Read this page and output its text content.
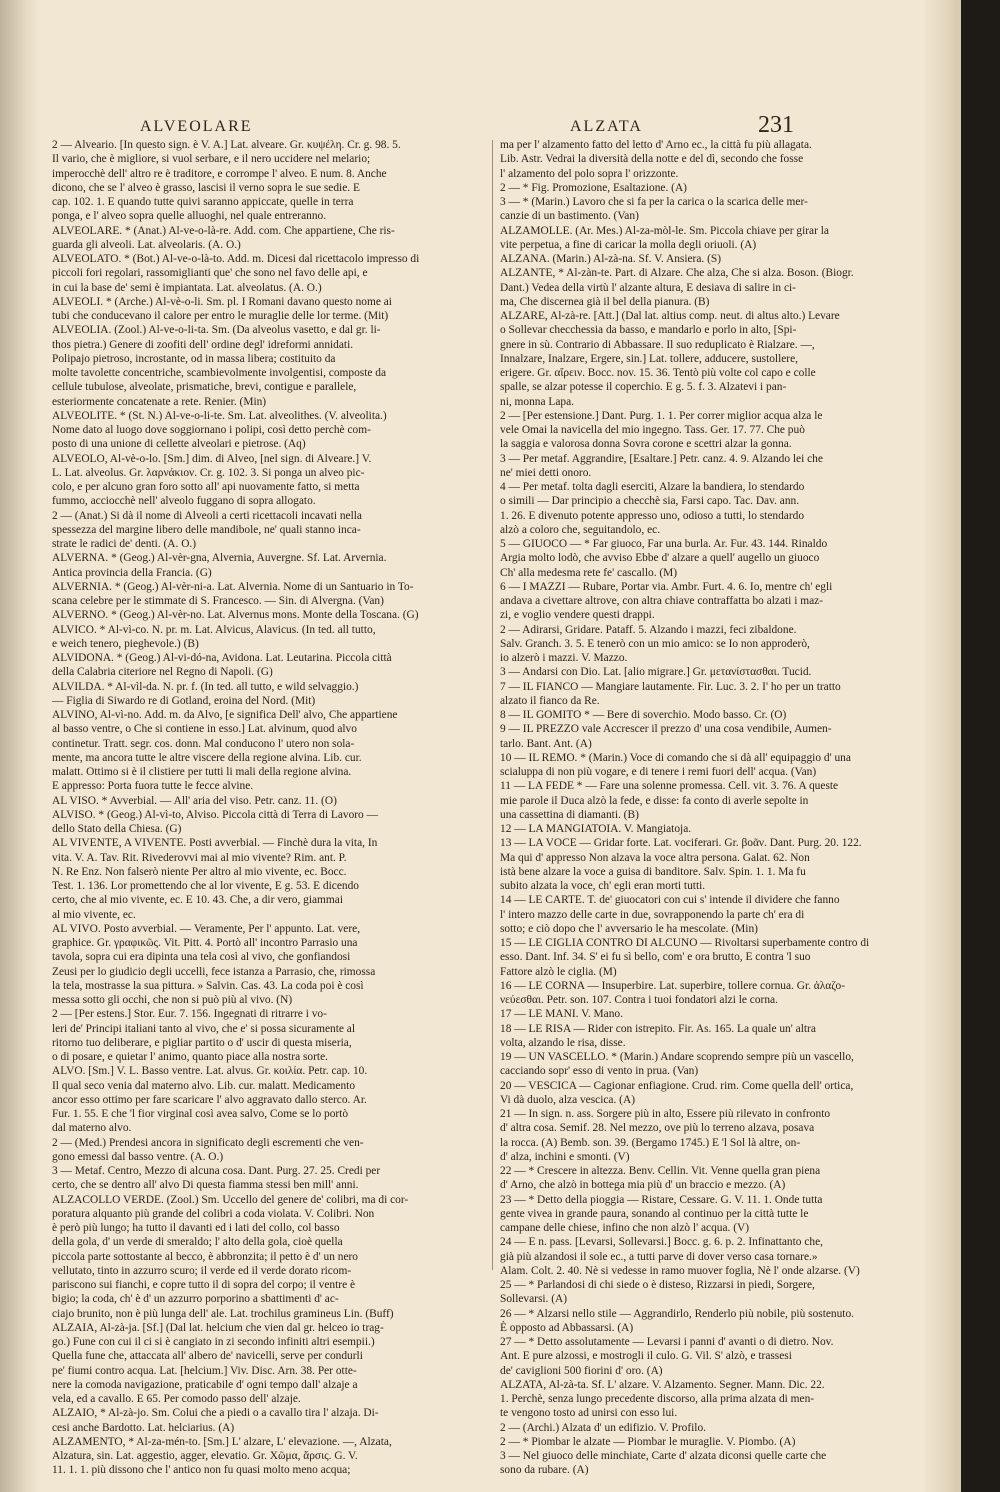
ALVEOLARE	ALZATA	231

2 — Alveario. [In questo sign. è V. A.] Lat. alveare. Gr. κυψέλη. Cr. g. 98. 5.

Il vario, che è migliore, si vuol serbare, e il nero uccidere nel melario;

imperocchè dell' altro re è traditore, e corrompe l' alveo. E num. 8. Anche

dicono, che se l' alveo è grasso, lascisi il verno sopra le sue sedie. E

cap. 102. 1. E quando tutte quivi saranno appiccate, quelle in terra

ponga, e l' alveo sopra quelle alluoghi, nel quale entreranno.

ALVEOLARE. * (Anat.) Al-ve-o-là-re. Add. com. Che appartiene, Che ris-

guarda gli alveoli. Lat. alveolaris. (A. O.)

ALVEOLATO. * (Bot.) Al-ve-o-là-to. Add. m. Dicesi dal ricettacolo impresso di

piccoli fori regolari, rassomiglianti que' che sono nel favo delle api, e

in cui la base de' semi è impiantata. Lat. alveolatus. (A. O.)

ALVEOLI. * (Arche.) Al-vè-o-li. Sm. pl. I Romani davano questo nome ai

tubi che conducevano il calore per entro le muraglie delle lor terme. (Mit)

ALVEOLIA. (Zool.) Al-ve-o-li-ta. Sm. (Da alveolus vasetto, e dal gr. li-

thos pietra.) Genere di zoofiti dell' ordine degl' idreformi annidati.

Polipajo pietroso, incrostante, od in massa libera; costituito da

molte tavolette concentriche, scambievolmente involgentisi, composte da

cellule tubulose, alveolate, prismatiche, brevi, contigue e parallele,

esteriormente concatenate a rete. Renier. (Min)

ALVEOLITE. * (St. N.) Al-ve-o-li-te. Sm. Lat. alveolithes. (V. alveolita.)

Nome dato al luogo dove soggiornano i polipi, così detto perchè com-

posto di una unione di cellette alveolari e pietrose. (Aq)

ALVEOLO, Al-vè-o-lo. [Sm.] dim. di Alveo, [nel sign. di Alveare.] V.

L. Lat. alveolus. Gr. λαρνάκιον. Cr. g. 102. 3. Si ponga un alveo pic-

colo, e per alcuno gran foro sotto all' api nuovamente fatto, si metta

fummo, acciocchè nell' alveolo fuggano di sopra allogato.

2 — (Anat.) Si dà il nome di Alveoli a certi ricettacoli incavati nella

spessezza del margine libero delle mandibole, ne' quali stanno inca-

strate le radici de' denti. (A. O.)

ALVERNA. * (Geog.) Al-vèr-gna, Alvernia, Auvergne. Sf. Lat. Arvernia.

Antica provincia della Francia. (G)

ALVERNIA. * (Geog.) Al-vèr-ni-a. Lat. Alvernia. Nome di un Santuario in To-

scana celebre per le stimmate di S. Francesco. — Sin. di Alvergna. (Van)

ALVERNO. * (Geog.) Al-vèr-no. Lat. Alvernus mons. Monte della Toscana. (G)

ALVICO. * Al-vì-co. N. pr. m. Lat. Alvicus, Alavicus. (In ted. all tutto,

e weich tenero, pieghevole.) (B)

ALVIDONA. * (Geog.) Al-vi-dó-na, Avidona. Lat. Leutarina. Piccola città

della Calabria citeriore nel Regno di Napoli. (G)

ALVILDA. * Al-vìl-da. N. pr. f. (In ted. all tutto, e wild selvaggio.)

— Figlia di Siwardo re di Gotland, eroina del Nord. (Mit)

ALVINO, Al-vì-no. Add. m. da Alvo, [e significa Dell' alvo, Che appartiene

al basso ventre, o Che si contiene in esso.] Lat. alvinum, quod alvo

continetur. Tratt. segr. cos. donn. Mal conducono l' utero non sola-

mente, ma ancora tutte le altre viscere della regione alvina. Lib. cur.

malatt. Ottimo si è il clistiere per tutti li mali della regione alvina.

E appresso: Porta fuora tutte le fecce alvine.

AL VISO. * Avverbial. — All' aria del viso. Petr. canz. 11. (O)

ALVISO. * (Geog.) Al-vì-to, Alviso. Piccola città di Terra di Lavoro —

dello Stato della Chiesa. (G)

AL VIVENTE, A VIVENTE. Posti avverbial. — Finchè dura la vita, In

vita. V. A. Tav. Rit. Rivederovvi mai al mio vivente? Rim. ant. P.

N. Re Enz. Non falserò niente Per altro al mio vivente, ec. Bocc.

Test. 1. 136. Lor promettendo che al lor vivente, E g. 53. E dicendo

certo, che al mio vivente, ec. E 10. 43. Che, a dir vero, giammai

al mio vivente, ec.

AL VIVO. Posto avverbial. — Veramente, Per l' appunto. Lat. vere,

graphice. Gr. γραφικῶς. Vit. Pitt. 4. Portò all' incontro Parrasio una

tavola, sopra cui era dipinta una tela così al vivo, che gonfiandosi

Zeusi per lo giudicio degli uccelli, fece istanza a Parrasio, che, rimossa

la tela, mostrasse la sua pittura. » Salvin. Cas. 43. La coda poi è così

messa sotto gli occhi, che non si può più al vivo. (N)

2 — [Per estens.] Stor. Eur. 7. 156. Ingegnati di ritrarre i vo-

leri de' Principi italiani tanto al vivo, che e' si possa sicuramente al

ritorno tuo deliberare, e pigliar partito o d' uscir di questa miseria,

o di posare, e quietar l' animo, quanto piace alla nostra sorte.

ALVO. [Sm.] V. L. Basso ventre. Lat. alvus. Gr. κοιλία. Petr. cap. 10.

Il qual seco venia dal materno alvo. Lib. cur. malatt. Medicamento

ancor esso ottimo per fare scaricare l' alvo aggravato dallo sterco. Ar.

Fur. 1. 55. E che 'l fior virginal così avea salvo, Come se lo portò

dal materno alvo.

2 — (Med.) Prendesi ancora in significato degli escrementi che ven-

gono emessi dal basso ventre. (A. O.)

3 — Metaf. Centro, Mezzo di alcuna cosa. Dant. Purg. 27. 25. Credi per

certo, che se dentro all' alvo Di questa fiamma stessi ben mill' anni.

ALZACOLLO VERDE. (Zool.) Sm. Uccello del genere de' colibri, ma di cor-

poratura alquanto più grande del colibri a coda violata. V. Colibri. Non

è però più lungo; ha tutto il davanti ed i lati del collo, col basso

della gola, d' un verde di smeraldo; l' alto della gola, cioè quella

piccola parte sottostante al becco, è abbronzita; il petto è d' un nero

vellutato, tinto in azzurro scuro; il verde ed il verde dorato ricom-

pariscono sui fianchi, e copre tutto il di sopra del corpo; il ventre è

bigio; la coda, ch' è d' un azzurro porporino a sbattimenti d' ac-

ciajo brunito, non è più lunga dell' ale. Lat. trochilus gramineus Lin. (Buff)

ALZAIA, Al-zà-ja. [Sf.] (Dal lat. helcium che vien dal gr. helceo io trag-

go.) Fune con cui il ci si è cangiato in zi secondo infiniti altri esempii.)

Quella fune che, attaccata all' albero de' navicelli, serve per condurli

pe' fiumi contro acqua. Lat. [helcium.] Viv. Disc. Arn. 38. Per otte-

nere la comoda navigazione, praticabile d' ogni tempo dall' alzaje a

vela, ed a cavallo. E 65. Per comodo passo dell' alzaje.

ALZAIO, * Al-zà-jo. Sm. Colui che a piedi o a cavallo tira l' alzaja. Di-

cesi anche Bardotto. Lat. helciarius. (A)

ALZAMENTO, * Al-za-mén-to. [Sm.] L' alzare, L' elevazione. —, Alzata,

Alzatura, sin. Lat. aggestio, agger, elevatio. Gr. Χῶμα, ἄρσις. G. V.

11. 1. 1. più dissono che l' antico non fu quasi molto meno acqua;

ma per l' alzamento fatto del letto d' Arno ec., la città fu più allagata.

Lib. Astr. Vedrai la diversità della notte e del dì, secondo che fosse

l' alzamento del polo sopra l' orizzonte.

2 — * Fig. Promozione, Esaltazione. (A)

3 — * (Marin.) Lavoro che si fa per la carica o la scarica delle mer-

canzie di un bastimento. (Van)

ALZAMOLLE. (Ar. Mes.) Al-za-mòl-le. Sm. Piccola chiave per girar la

vite perpetua, a fine di caricar la molla degli oriuoli. (A)

ALZANA. (Marin.) Al-zà-na. Sf. V. Ansiera. (S)

ALZANTE, * Al-zàn-te. Part. di Alzare. Che alza, Che si alza. Boson. (Biogr.

Dant.) Vedea della virtù l' alzante altura, E desiava di salire in ci-

ma, Che discernea già il bel della pianura. (B)

ALZARE, Al-zà-re. [Att.] (Dal lat. altius comp. neut. di altus alto.) Levare

o Sollevar checchessia da basso, e mandarlo e porlo in alto, [Spi-

gnere in sù. Contrario di Abbassare. Il suo reduplicato è Rialzare. —,

Innalzare, Inalzare, Ergere, sin.] Lat. tollere, adducere, sustollere,

erigere. Gr. αἴρειν. Bocc. nov. 15. 36. Tentò più volte col capo e colle

spalle, se alzar potesse il coperchio. E g. 5. f. 3. Alzatevi i pan-

ni, monna Lapa.

2 — [Per estensione.] Dant. Purg. 1. 1. Per correr miglior acqua alza le

vele Omai la navicella del mio ingegno. Tass. Ger. 17. 77. Che può

la saggia e valorosa donna Sovra corone e scettri alzar la gonna.

3 — Per metaf. Aggrandire, [Esaltare.] Petr. canz. 4. 9. Alzando lei che

ne' miei detti onoro.

4 — Per metaf. tolta dagli eserciti, Alzare la bandiera, lo stendardo

o simili — Dar principio a checchè sia, Farsi capo. Tac. Dav. ann.

1. 26. E divenuto potente appresso uno, odioso a tutti, lo stendardo

alzò a coloro che, seguitandolo, ec.

5 — GIUOCO — * Far giuoco, Far una burla. Ar. Fur. 43. 144. Rinaldo

Argia molto lodò, che avviso Ebbe d' alzare a quell' augello un giuoco

Ch' alla medesma rete fe' cascallo. (M)

6 — I MAZZI — Rubare, Portar via. Ambr. Furt. 4. 6. Io, mentre ch' egli

andava a civettare altrove, con altra chiave contraffatta bo alzati i maz-

zi, e voglio vendere questi drappi.

2 — Adirarsi, Gridare. Pataff. 5. Alzando i mazzi, feci zibaldone.

Salv. Granch. 3. 5. E tenerò con un mio amico: se Io non approderò,

io alzerò i mazzi. V. Mazzo.

3 — Andarsi con Dio. Lat. [alio migrare.] Gr. μετανίστασθαι. Tucid.

7 — IL FIANCO — Mangiare lautamente. Fir. Luc. 3. 2. I' ho per un tratto

alzato il fianco da Re.

8 — IL GOMITO * — Bere di soverchio. Modo basso. Cr. (O)

9 — IL PREZZO vale Accrescer il prezzo d' una cosa vendibile, Aumen-

tarlo. Bant. Ant. (A)

10 — IL REMO. * (Marin.) Voce di comando che si dà all' equipaggio d' una

scialuppa di non più vogare, e di tenere i remi fuori dell' acqua. (Van)

11 — LA FEDE * — Fare una solenne promessa. Cell. vit. 3. 76. A queste

mie parole il Duca alzò la fede, e disse: fa conto di averle sepolte in

una cassettina di diamanti. (B)

12 — LA MANGIATOIA. V. Mangiatoja.

13 — LA VOCE — Gridar forte. Lat. vociferari. Gr. βοᾶν. Dant. Purg. 20. 122.

Ma qui d' appresso Non alzava la voce altra persona. Galat. 62. Non

istà bene alzare la voce a guisa di banditore. Salv. Spin. 1. 1. Ma fu

subito alzata la voce, ch' egli eran morti tutti.

14 — LE CARTE. T. de' giuocatori con cui s' intende il dividere che fanno

l' intero mazzo delle carte in due, sovrapponendo la parte ch' era di

sotto; e ciò dopo che l' avversario le ha mescolate. (Min)

15 — LE CIGLIA CONTRO DI ALCUNO — Rivoltarsi superbamente contro di

esso. Dant. Inf. 34. S' ei fu sì bello, com' e ora brutto, E contra 'l suo

Fattore alzò le ciglia. (M)

16 — LE CORNA — Insuperbire. Lat. superbire, tollere cornua. Gr. ἀλαζο-

νεύεσθαι. Petr. son. 107. Contra i tuoi fondatori alzi le corna.

17 — LE MANI. V. Mano.

18 — LE RISA — Rider con istrepito. Fir. As. 165. La quale un' altra

volta, alzando le risa, disse.

19 — UN VASCELLO. * (Marin.) Andare scoprendo sempre più un vascello,

cacciando sopr' esso di vento in prua. (Van)

20 — VESCICA — Cagionar enfiagione. Crud. rim. Come quella dell' ortica,

Vi dà duolo, alza vescica. (A)

21 — In sign. n. ass. Sorgere più in alto, Essere più rilevato in confronto

d' altra cosa. Semif. 28. Nel mezzo, ove più lo terreno alzava, posava

la rocca. (A) Bemb. son. 39. (Bergamo 1745.) E 'l Sol là altre, on-

d' alza, inchini e smonti. (V)

22 — * Crescere in altezza. Benv. Cellin. Vit. Venne quella gran piena

d' Arno, che alzò in bottega mia più d' un braccio e mezzo. (A)

23 — * Detto della pioggia — Ristare, Cessare. G. V. 11. 1. Onde tutta

gente vivea in grande paura, sonando al continuo per la città tutte le

campane delle chiese, infino che non alzò l' acqua. (V)

24 — E n. pass. [Levarsi, Sollevarsi.] Bocc. g. 6. p. 2. Infinattanto che,

già più alzandosi il sole ec., a tutti parve di dover verso casa tornare.»

Alam. Colt. 2. 40. Nè si vedesse in ramo muover foglia, Nè l' onde alzarse. (V)

25 — * Parlandosi di chi siede o è disteso, Rizzarsi in piedi, Sorgere,

Sollevarsi. (A)

26 — * Alzarsi nello stile — Aggrandirlo, Renderlo più nobile, più sostenuto.

È opposto ad Abbassarsi. (A)

27 — * Detto assolutamente — Levarsi i panni d' avanti o di dietro. Nov.

Ant. E pure alzossi, e mostrogli il culo. G. Vil. S' alzò, e trassesi

de' caviglioni 500 fiorini d' oro. (A)

ALZATA, Al-zà-ta. Sf. L' alzare. V. Alzamento. Segner. Mann. Dic. 22.

1. Perchè, senza lungo precedente discorso, alla prima alzata di men-

te vengono tosto ad unirsi con esso lui.

2 — (Archi.) Alzata d' un edifizio. V. Profilo.

2 — * Piombar le alzate — Piombar le muraglie. V. Piombo. (A)

3 — Nel giuoco delle minchiate, Carte d' alzata diconsi quelle carte che

sono da rubare. (A)
